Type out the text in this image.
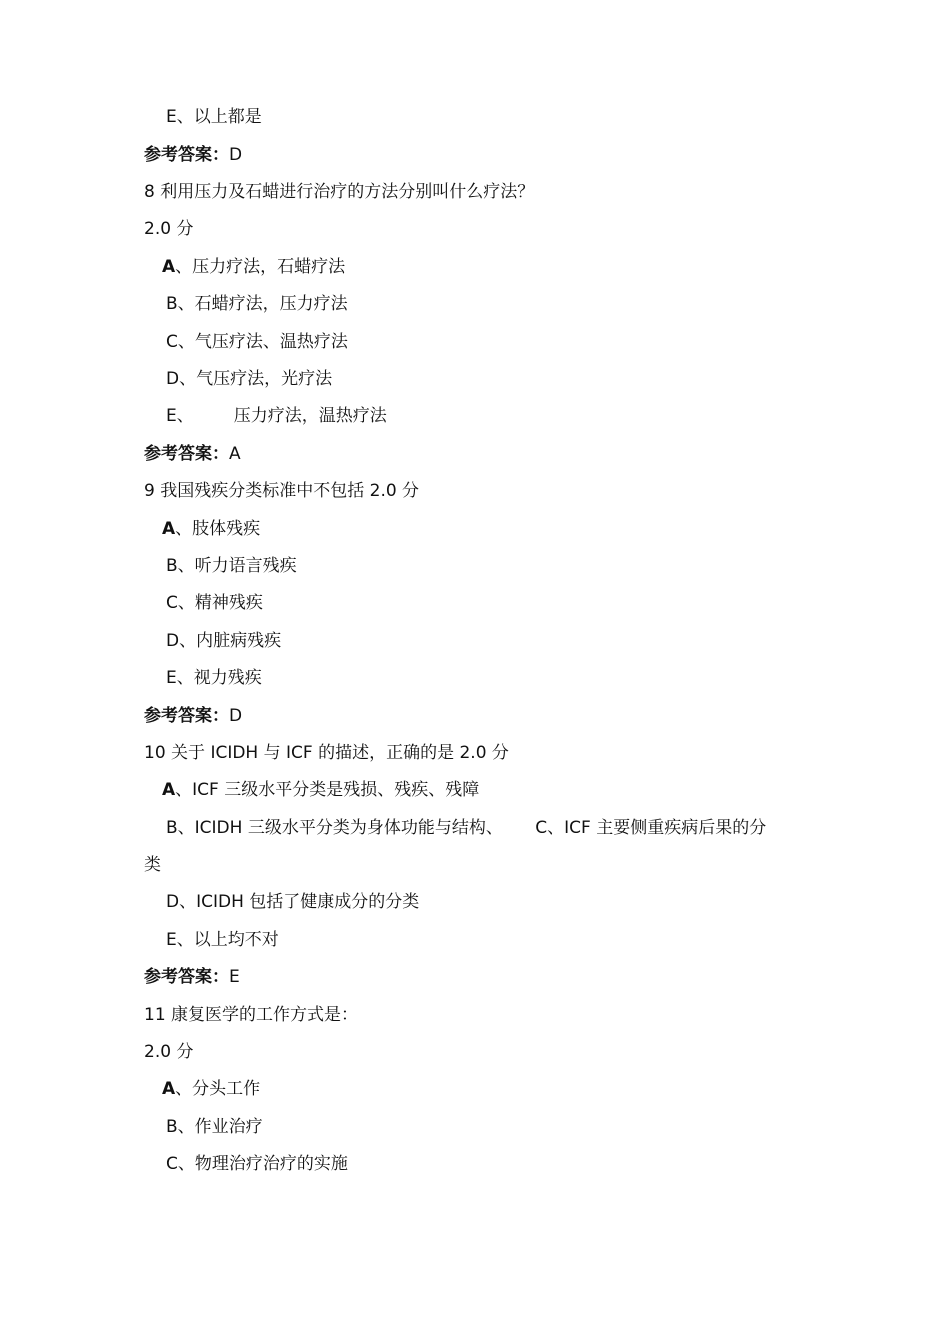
E、以上都是
参考答案：D
8 利用压力及石蜡进行治疗的方法分别叫什么疗法？
2.0 分
A、压力疗法，石蜡疗法
B、石蜡疗法，压力疗法
C、气压疗法、温热疗法
D、气压疗法，光疗法
E、 压力疗法，温热疗法
参考答案：A
9 我国残疾分类标准中不包括 2.0 分
A、肢体残疾
B、听力语言残疾
C、精神残疾
D、内脏病残疾
E、视力残疾
参考答案：D
10 关于 ICIDH 与 ICF 的描述，正确的是 2.0 分
A、ICF 三级水平分类是残损、残疾、残障
B、ICIDH 三级水平分类为身体功能与结构、      C、ICF 主要侧重疾病后果的分
类
D、ICIDH 包括了健康成分的分类
E、以上均不对
参考答案：E
11 康复医学的工作方式是：
2.0 分
A、分头工作
B、作业治疗
C、物理治疗治疗的实施
